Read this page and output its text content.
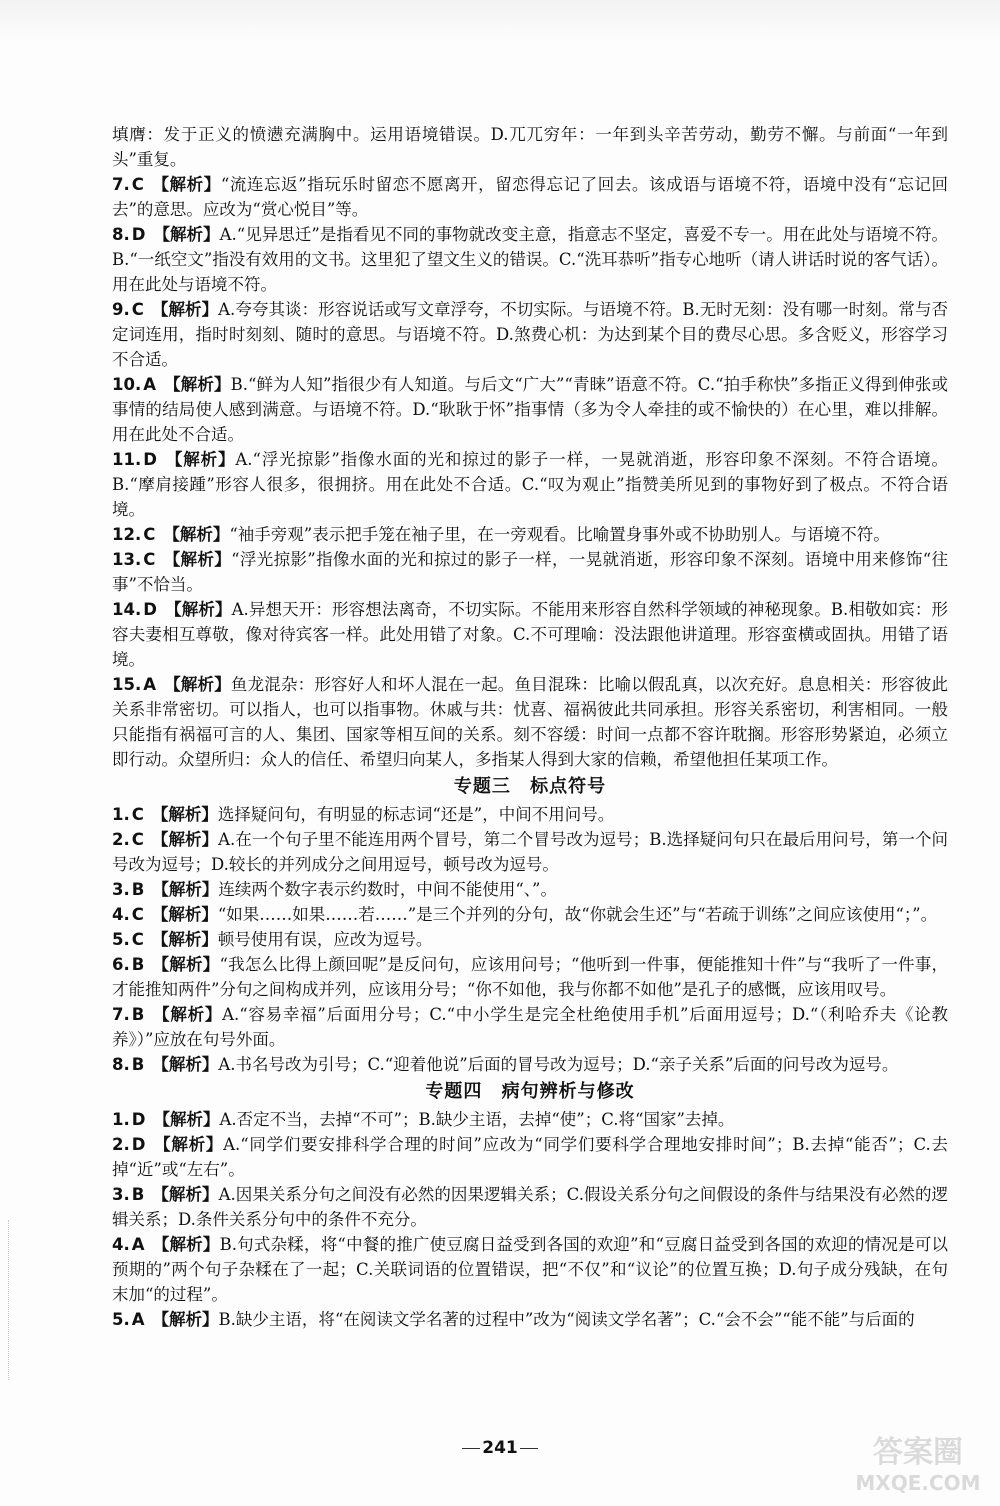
填膺：发于正义的愤懑充满胸中。运用语境错误。D.兀兀穷年：一年到头辛苦劳动，勤劳不懈。与前面“一年到头”重复。
7. C 【解析】“流连忘返”指玩乐时留恋不愿离开，留恋得忘记了回去。该成语与语境不符，语境中没有“忘记回去”的意思。应改为“赏心悦目”等。
8. D 【解析】A.“见异思迁”是指看见不同的事物就改变主意，指意志不坚定，喜爱不专一。用在此处与语境不符。B.“一纸空文”指没有效用的文书。这里犯了望文生义的错误。C.“洗耳恭听”指专心地听（请人讲话时说的客气话）。用在此处与语境不符。
9. C 【解析】A.夸夸其谈：形容说话或写文章浮夸，不切实际。与语境不符。B.无时无刻：没有哪一时刻。常与否定词连用，指时时刻刻、随时的意思。与语境不符。D.煞费心机：为达到某个目的费尽心思。多含贬义，形容学习不合适。
10. A 【解析】B.“鲜为人知”指很少有人知道。与后文“广大”“青睐”语意不符。C.“拍手称快”多指正义得到伸张或事情的结局使人感到满意。与语境不符。D.“耿耿于怀”指事情（多为令人牵挂的或不愉快的）在心里，难以排解。用在此处不合适。
11. D 【解析】A.“浮光掠影”指像水面的光和掠过的影子一样，一晃就消逝，形容印象不深刻。不符合语境。B.“摩肩接踵”形容人很多，很拥挤。用在此处不合适。C.“叹为观止”指赞美所见到的事物好到了极点。不符合语境。
12. C 【解析】“袖手旁观”表示把手笼在袖子里，在一旁观看。比喻置身事外或不协助别人。与语境不符。
13. C 【解析】“浮光掠影”指像水面的光和掠过的影子一样，一晃就消逝，形容印象不深刻。语境中用来修饰“往事”不恰当。
14. D 【解析】A.异想天开：形容想法离奇，不切实际。不能用来形容自然科学领域的神秘现象。B.相敬如宾：形容夫妻相互尊敬，像对待宾客一样。此处用错了对象。C.不可理喻：没法跟他讲道理。形容蛮横或固执。用错了语境。
15. A 【解析】鱼龙混杂：形容好人和坏人混在一起。鱼目混珠：比喻以假乱真，以次充好。息息相关：形容彼此关系非常密切。可以指人，也可以指事物。休戚与共：忧喜、福祸彼此共同承担。形容关系密切，利害相同。一般只能指有祸福可言的人、集团、国家等相互间的关系。刻不容缓：时间一点都不容许耽搁。形容形势紧迫，必须立即行动。众望所归：众人的信任、希望归向某人，多指某人得到大家的信赖，希望他担任某项工作。
专题三 标点符号
1. C 【解析】选择疑问句，有明显的标志词“还是”，中间不用问号。
2. C 【解析】A.在一个句子里不能连用两个冒号，第二个冒号改为逗号；B.选择疑问句只在最后用问号，第一个问号改为逗号；D.较长的并列成分之间用逗号，顿号改为逗号。
3. B 【解析】连续两个数字表示约数时，中间不能使用“、”。
4. C 【解析】“如果……如果……若……”是三个并列的分句，故“你就会生还”与“若疏于训练”之间应该使用“；”。
5. C 【解析】顿号使用有误，应改为逗号。
6. B 【解析】“我怎么比得上颜回呢”是反问句，应该用问号；“他听到一件事，便能推知十件”与“我听了一件事，才能推知两件”分句之间构成并列，应该用分号；“你不如他，我与你都不如他”是孔子的感慨，应该用叹号。
7. B 【解析】A.“容易幸福”后面用分号；C.“中小学生是完全杜绝使用手机”后面用逗号；D.“（利哈乔夫《论教养》）”应放在句号外面。
8. B 【解析】A.书名号改为引号；C.“迎着他说”后面的冒号改为逗号；D.“亲子关系”后面的问号改为逗号。
专题四 病句辨析与修改
1. D 【解析】A.否定不当，去掉“不可”；B.缺少主语，去掉“使”；C.将“国家”去掉。
2. D 【解析】A.“同学们要安排科学合理的时间”应改为“同学们要科学合理地安排时间”；B.去掉“能否”；C.去掉“近”或“左右”。
3. B 【解析】A.因果关系分句之间没有必然的因果逻辑关系；C.假设关系分句之间假设的条件与结果没有必然的逻辑关系；D.条件关系分句中的条件不充分。
4. A 【解析】B.句式杂糅，将“中餐的推广使豆腐日益受到各国的欢迎”和“豆腐日益受到各国的欢迎的情况是可以预期的”两个句子杂糅在了一起；C.关联词语的位置错误，把“不仅”和“议论”的位置互换；D.句子成分残缺，在句末加“的过程”。
5. A 【解析】B.缺少主语，将“在阅读文学名著的过程中”改为“阅读文学名著”；C.“会不会”“能不能”与后面的
241	答案圈
MXQE.COM
